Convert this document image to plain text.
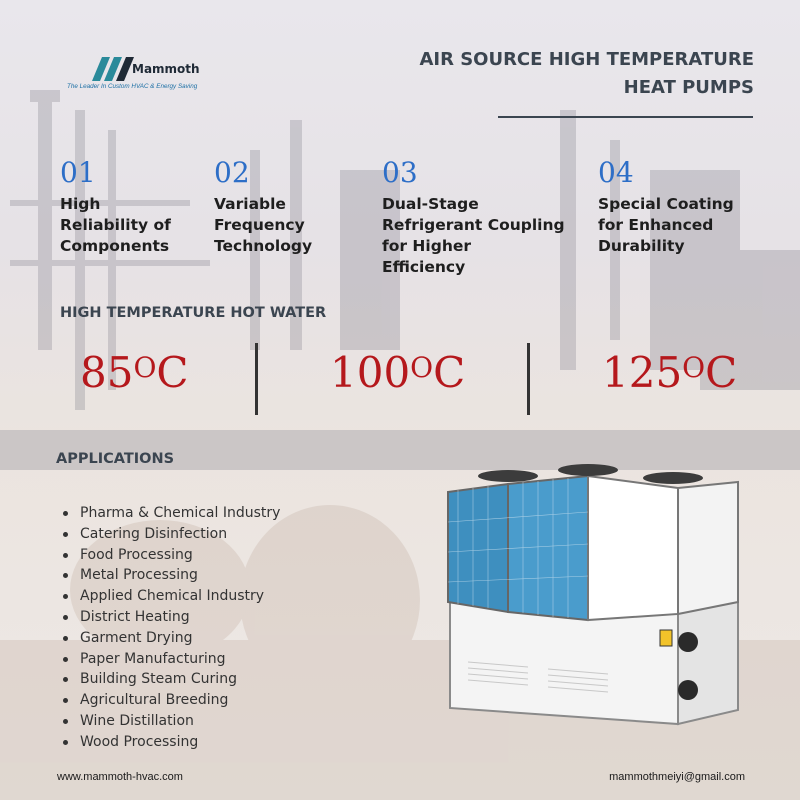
Mammoth
The Leader In Custom HVAC & Energy Saving
AIR SOURCE HIGH TEMPERATURE
HEAT PUMPS
01
High
Reliability of
Components
02
Variable
Frequency
Technology
03
Dual-Stage
Refrigerant Coupling
for Higher
Efficiency
04
Special Coating
for Enhanced
Durability
HIGH TEMPERATURE HOT WATER
$85^OC$	$100^OC$	$125^OC$
APPLICATIONS
Pharma & Chemical Industry
Catering Disinfection
Food Processing
Metal Processing
Applied Chemical Industry
District Heating
Garment Drying
Paper Manufacturing
Building Steam Curing
Agricultural Breeding
Wine Distillation
Wood Processing
www.mammoth-hvac.com	mammothmeiyi@gmail.com
